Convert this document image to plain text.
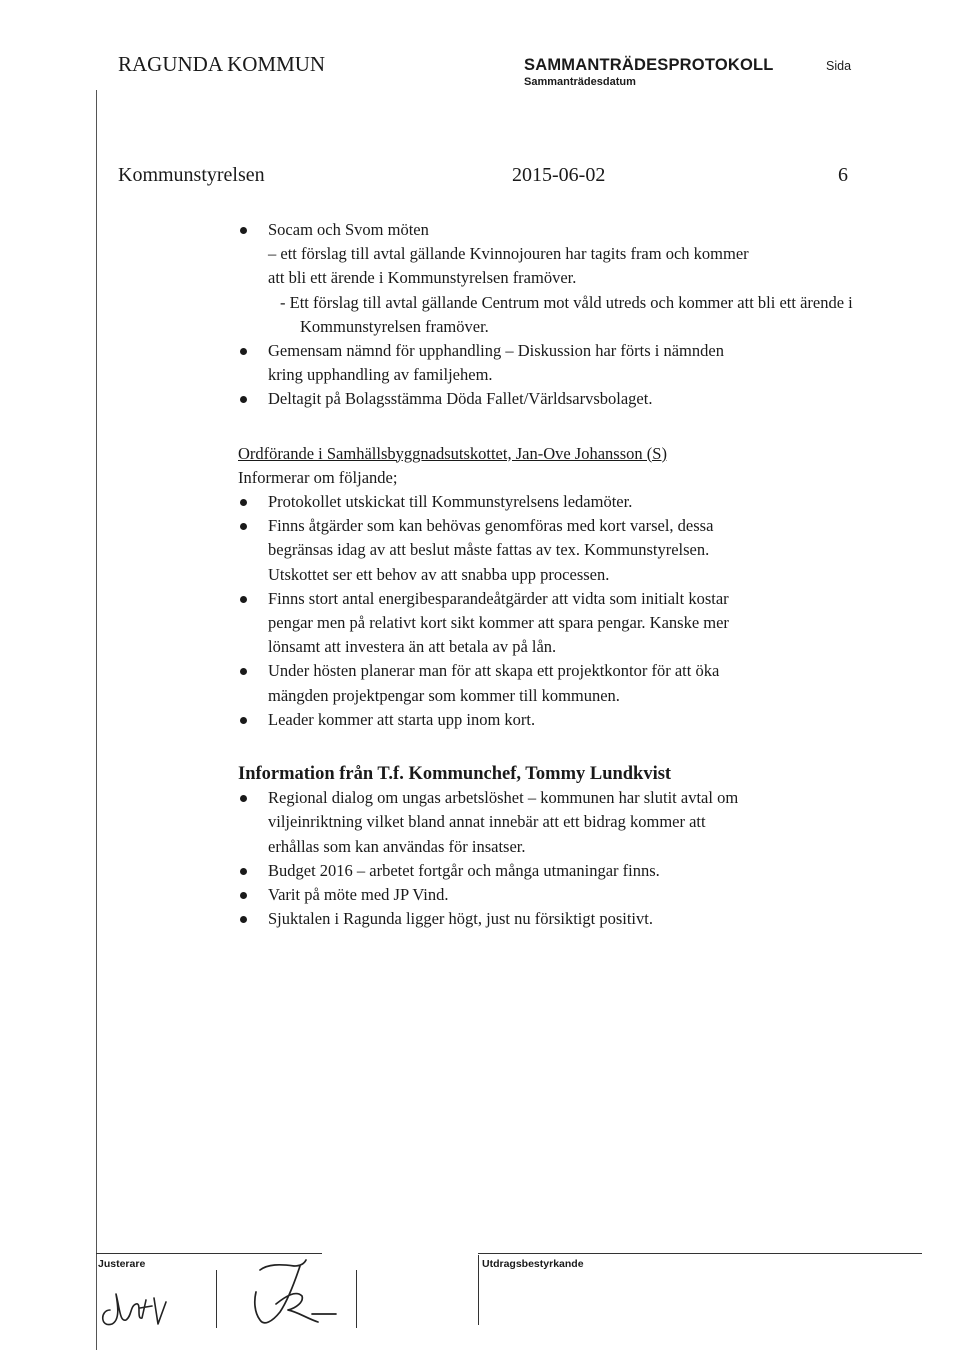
RAGUNDA KOMMUN	SAMMANTRÄDESPROTOKOLL
Sammanträdesdatum
Sida
Kommunstyrelsen	2015-06-02	6
Socam och Svom möten
– ett förslag till avtal gällande Kvinnojouren har tagits fram och kommer
att bli ett ärende i Kommunstyrelsen framöver.
- Ett förslag till avtal gällande Centrum mot våld utreds och kommer att bli ett ärende i Kommunstyrelsen framöver.
Gemensam nämnd för upphandling – Diskussion har förts i nämnden
kring upphandling av familjehem.
Deltagit på Bolagsstämma Döda Fallet/Världsarvsbolaget.
Ordförande i Samhällsbyggnadsutskottet, Jan-Ove Johansson (S)
Informerar om följande;
Protokollet utskickat till Kommunstyrelsens ledamöter.
Finns åtgärder som kan behövas genomföras med kort varsel, dessa
begränsas idag av att beslut måste fattas av tex. Kommunstyrelsen.
Utskottet ser ett behov av att snabba upp processen.
Finns stort antal energibesparandeåtgärder att vidta som initialt kostar
pengar men på relativt kort sikt kommer att spara pengar. Kanske mer
lönsamt att investera än att betala av på lån.
Under hösten planerar man för att skapa ett projektkontor för att öka
mängden projektpengar som kommer till kommunen.
Leader kommer att starta upp inom kort.
Information från T.f. Kommunchef, Tommy Lundkvist
Regional dialog om ungas arbetslöshet – kommunen har slutit avtal om
viljeinriktning vilket bland annat innebär att ett bidrag kommer att
erhållas som kan användas för insatser.
Budget 2016 – arbetet fortgår och många utmaningar finns.
Varit på möte med JP Vind.
Sjuktalen i Ragunda ligger högt, just nu försiktigt positivt.
Justerare	Utdragsbestyrkande
